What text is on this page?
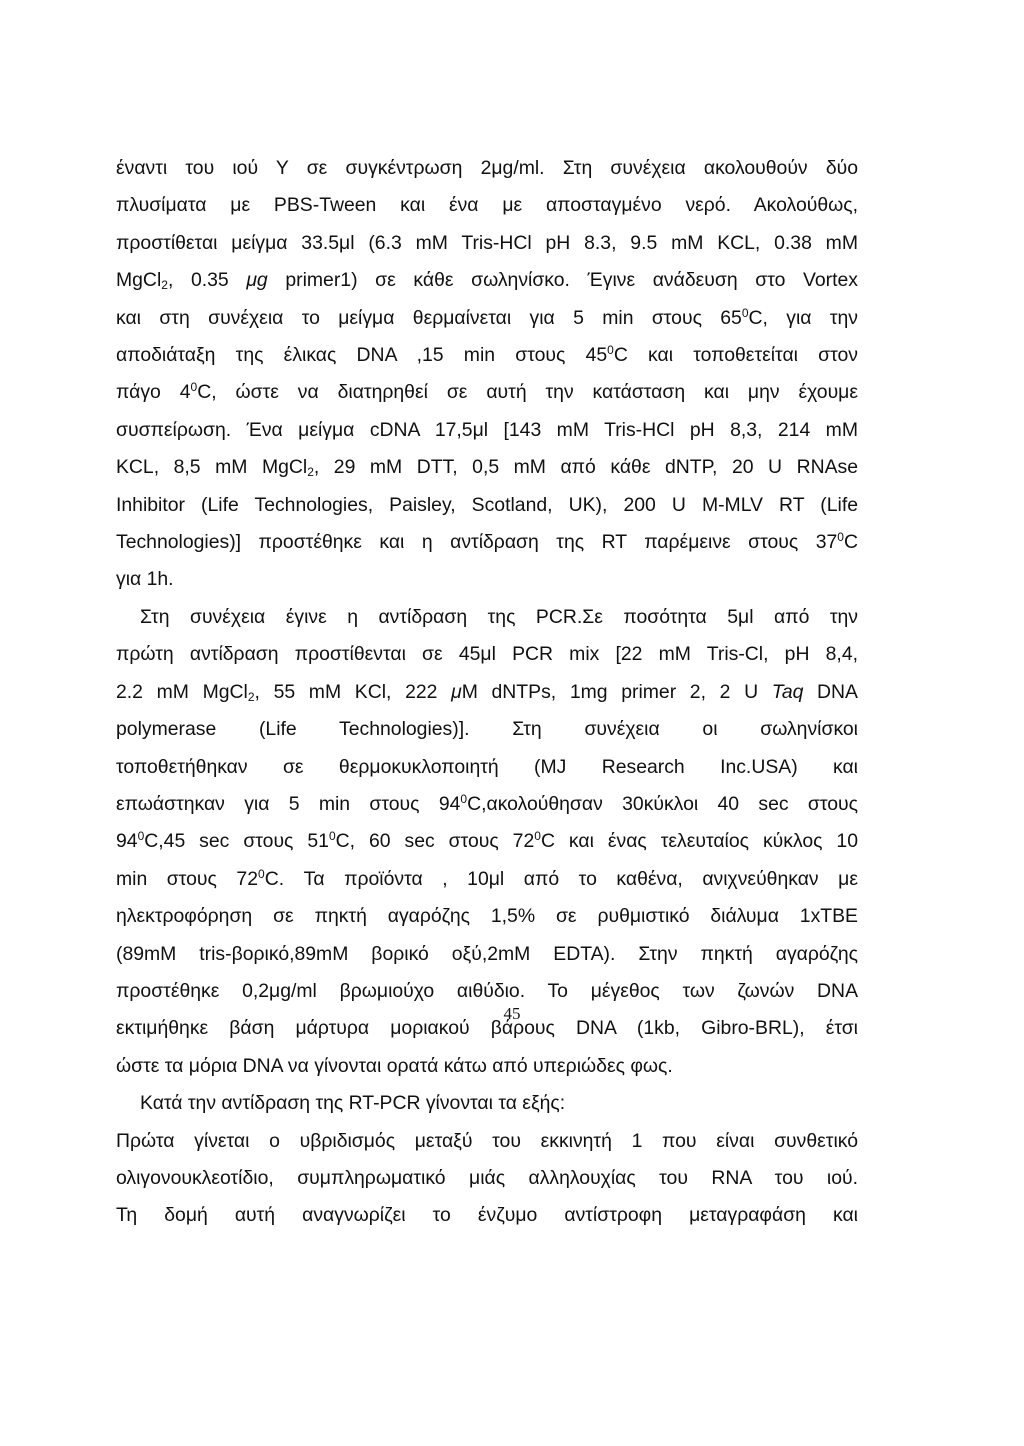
έναντι του ιού Υ σε συγκέντρωση 2μg/ml. Στη συνέχεια ακολουθούν δύο
πλυσίματα με PBS-Tween και ένα με αποσταγμένο νερό. Ακολούθως,
προστίθεται μείγμα 33.5μl (6.3 mM Tris-HCl pH 8.3, 9.5 mM KCL, 0.38 mM
MgCl$_2$, 0.35 μg primer1) σε κάθε σωληνίσκο. Έγινε ανάδευση στο Vortex
και στη συνέχεια το μείγμα θερμαίνεται για 5 min στους $65^0C$, για την
αποδιάταξη της έλικας DNA ,15 min στους $45^0C$ και τοποθετείται στον
πάγο $4^0C$, ώστε να διατηρηθεί σε αυτή την κατάσταση και μην έχουμε
συσπείρωση. Ένα μείγμα cDNA 17,5μl [143 mM Tris-HCl pH 8,3, 214 mM
KCL, 8,5 mM MgCl$_2$, 29 mM DTT, 0,5 mM από κάθε dNTP, 20 U RNAse
Inhibitor (Life Technologies, Paisley, Scotland, UK), 200 U M-MLV RT (Life
Technologies)] προστέθηκε και η αντίδραση της RT παρέμεινε στους $37^0C$
για 1h.

Στη συνέχεια έγινε η αντίδραση της PCR.Σε ποσότητα 5μl από την
πρώτη αντίδραση προστίθενται σε 45μl PCR mix [22 mM Tris-Cl, pH 8,4,
2.2 mM MgCl$_2$, 55 mM KCl, 222 μM dNTPs, 1mg primer 2, 2 U Taq DNA
polymerase (Life Technologies)]. Στη συνέχεια οι σωληνίσκοι
τοποθετήθηκαν σε θερμοκυκλοποιητή (MJ Research Inc.USA) και
επωάστηκαν για 5 min στους $94^0C,\alpha\kappa o\lambda oύ\theta\eta\sigma\alpha\nu$ 30κύκλοι 40 sec στους
$94^0C,45$ sec στους $51^0C$, 60 sec στους $72^0C$ και ένας τελευταίος κύκλος 10
min στους $72^0C$. Τα προϊόντα , 10μl από το καθένα, ανιχνεύθηκαν με
ηλεκτροφόρηση σε πηκτή αγαρόζης 1,5% σε ρυθμιστικό διάλυμα 1xTBE
(89mM tris-βορικό,89mM βορικό οξύ,2mM EDTA). Στην πηκτή αγαρόζης
προστέθηκε 0,2μg/ml βρωμιούχο αιθύδιο. Το μέγεθος των ζωνών DNA
εκτιμήθηκε βάση μάρτυρα μοριακού βάρους DNA (1kb, Gibro-BRL), έτσι
ώστε τα μόρια DNA να γίνονται ορατά κάτω από υπεριώδες φως.

Κατά την αντίδραση της RT-PCR γίνονται τα εξής:

Πρώτα γίνεται ο υβριδισμός μεταξύ του εκκινητή 1 που είναι συνθετικό
ολιγονουκλεοτίδιο, συμπληρωματικό μιάς αλληλουχίας του RNA του ιού.
Τη δομή αυτή αναγνωρίζει το ένζυμο αντίστροφη μεταγραφάση και

45
